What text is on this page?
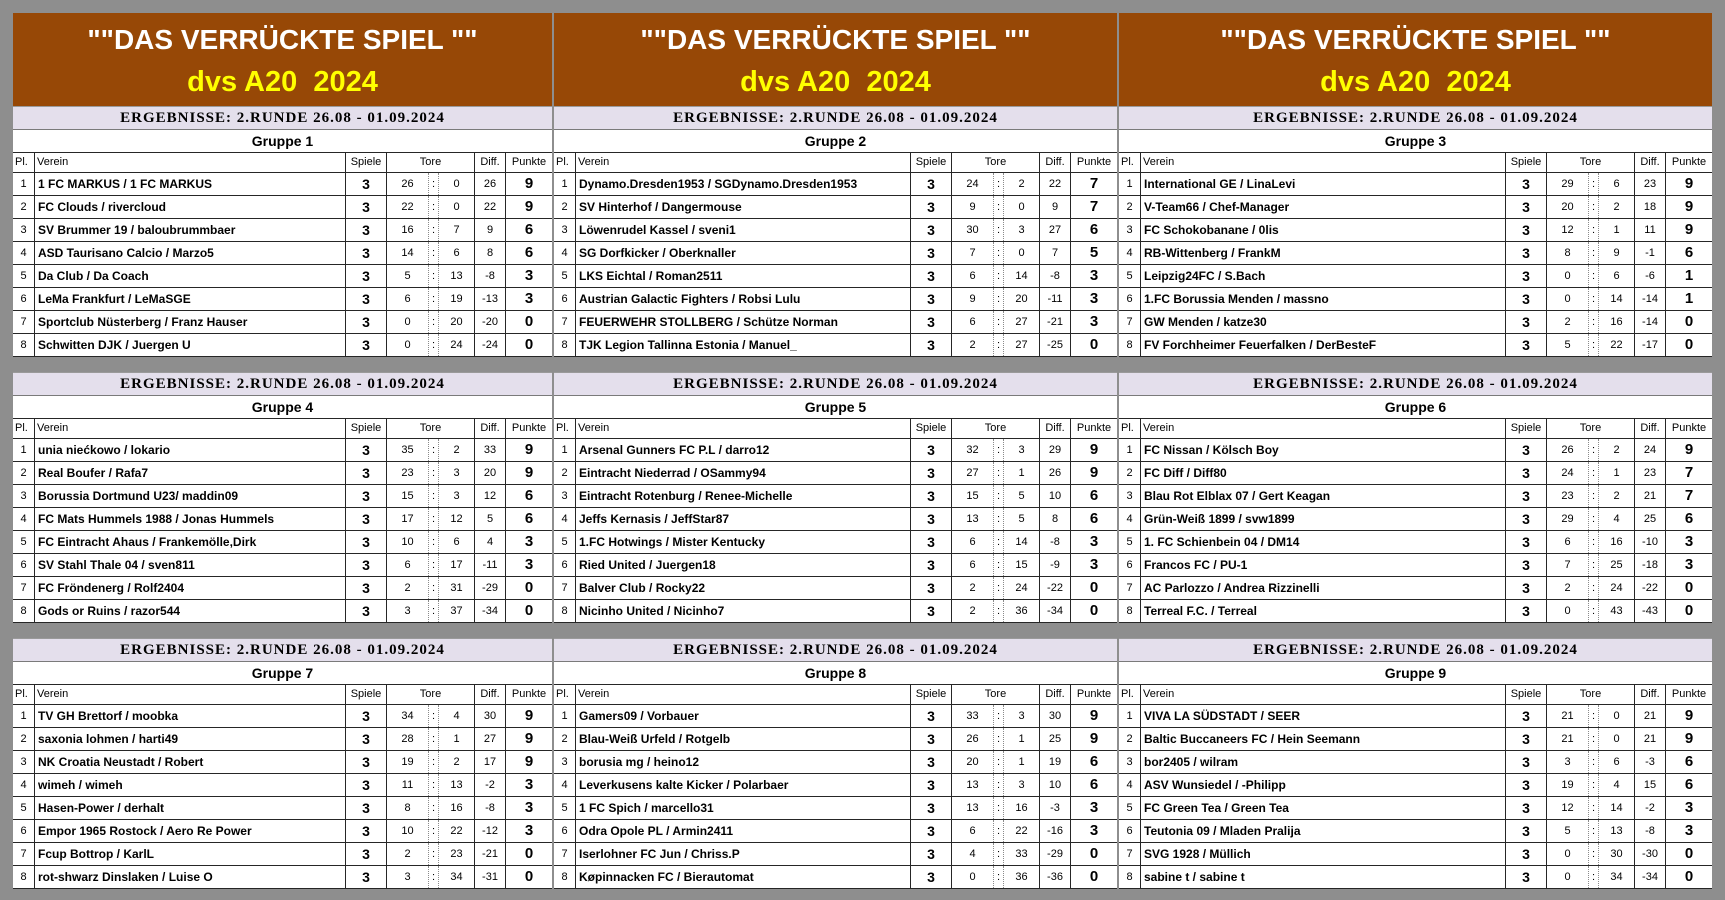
""DAS VERRÜCKTE SPIEL ""
dvs A20  2024
""DAS VERRÜCKTE SPIEL ""
dvs A20  2024
""DAS VERRÜCKTE SPIEL ""
dvs A20  2024
ERGEBNISSE: 2.RUNDE 26.08 - 01.09.2024
Gruppe 1
Pl. Verein	Spiele	Tore	Diff.	Punkte
1 1 FC MARKUS / 1 FC MARKUS	3	26	:	0	26	9
2 FC Clouds / rivercloud	3	22	:	0	22	9
3 SV Brummer 19 / baloubrummbaer	3	16	:	7	9	6
4 ASD Taurisano Calcio / Marzo5	3	14	:	6	8	6
5 Da Club / Da Coach	3	5	:	13	-8	3
6 LeMa Frankfurt / LeMaSGE	3	6	:	19	-13	3
7 Sportclub Nüsterberg / Franz Hauser	3	0	:	20	-20	0
8 Schwitten DJK / Juergen U	3	0	:	24	-24	0
ERGEBNISSE: 2.RUNDE 26.08 - 01.09.2024
Gruppe 2
Pl. Verein	Spiele	Tore	Diff.	Punkte
1 Dynamo.Dresden1953 / SGDynamo.Dresden1953	3	24	:	2	22	7
2 SV Hinterhof / Dangermouse	3	9	:	0	9	7
3 Löwenrudel Kassel / sveni1	3	30	:	3	27	6
4 SG Dorfkicker / Oberknaller	3	7	:	0	7	5
5 LKS Eichtal / Roman2511	3	6	:	14	-8	3
6 Austrian Galactic Fighters / Robsi Lulu	3	9	:	20	-11	3
7 FEUERWEHR STOLLBERG / Schütze Norman	3	6	:	27	-21	3
8 TJK Legion Tallinna Estonia / Manuel_	3	2	:	27	-25	0
ERGEBNISSE: 2.RUNDE 26.08 - 01.09.2024
Gruppe 3
Pl. Verein	Spiele	Tore	Diff.	Punkte
1 International GE / LinaLevi	3	29	:	6	23	9
2 V-Team66 / Chef-Manager	3	20	:	2	18	9
3 FC Schokobanane / 0lis	3	12	:	1	11	9
4 RB-Wittenberg / FrankM	3	8	:	9	-1	6
5 Leipzig24FC / S.Bach	3	0	:	6	-6	1
6 1.FC Borussia Menden / massno	3	0	:	14	-14	1
7 GW Menden / katze30	3	2	:	16	-14	0
8 FV Forchheimer Feuerfalken / DerBesteF	3	5	:	22	-17	0
ERGEBNISSE: 2.RUNDE 26.08 - 01.09.2024
Gruppe 4
Pl. Verein	Spiele	Tore	Diff.	Punkte
1 unia niećkowo / lokario	3	35	:	2	33	9
2 Real Boufer / Rafa7	3	23	:	3	20	9
3 Borussia Dortmund U23/ maddin09	3	15	:	3	12	6
4 FC Mats Hummels 1988 / Jonas Hummels	3	17	:	12	5	6
5 FC Eintracht Ahaus / Frankemölle,Dirk	3	10	:	6	4	3
6 SV Stahl Thale 04 / sven811	3	6	:	17	-11	3
7 FC Fröndenerg / Rolf2404	3	2	:	31	-29	0
8 Gods or Ruins / razor544	3	3	:	37	-34	0
ERGEBNISSE: 2.RUNDE 26.08 - 01.09.2024
Gruppe 5
Pl. Verein	Spiele	Tore	Diff.	Punkte
1 Arsenal Gunners FC P.L / darro12	3	32	:	3	29	9
2 Eintracht Niederrad / OSammy94	3	27	:	1	26	9
3 Eintracht Rotenburg / Renee-Michelle	3	15	:	5	10	6
4 Jeffs Kernasis / JeffStar87	3	13	:	5	8	6
5 1.FC Hotwings / Mister Kentucky	3	6	:	14	-8	3
6 Ried United / Juergen18	3	6	:	15	-9	3
7 Balver Club / Rocky22	3	2	:	24	-22	0
8 Nicinho United / Nicinho7	3	2	:	36	-34	0
ERGEBNISSE: 2.RUNDE 26.08 - 01.09.2024
Gruppe 6
Pl. Verein	Spiele	Tore	Diff.	Punkte
1 FC Nissan / Kölsch Boy	3	26	:	2	24	9
2 FC Diff / Diff80	3	24	:	1	23	7
3 Blau Rot Elblax 07 / Gert Keagan	3	23	:	2	21	7
4 Grün-Weiß 1899 / svw1899	3	29	:	4	25	6
5 1. FC Schienbein 04 / DM14	3	6	:	16	-10	3
6 Francos FC / PU-1	3	7	:	25	-18	3
7 AC Parlozzo / Andrea Rizzinelli	3	2	:	24	-22	0
8 Terreal F.C. / Terreal	3	0	:	43	-43	0
ERGEBNISSE: 2.RUNDE 26.08 - 01.09.2024
Gruppe 7
Pl. Verein	Spiele	Tore	Diff.	Punkte
1 TV GH Brettorf / moobka	3	34	:	4	30	9
2 saxonia lohmen / harti49	3	28	:	1	27	9
3 NK Croatia Neustadt / Robert	3	19	:	2	17	9
4 wimeh / wimeh	3	11	:	13	-2	3
5 Hasen-Power / derhalt	3	8	:	16	-8	3
6 Empor 1965 Rostock / Aero Re Power	3	10	:	22	-12	3
7 Fcup Bottrop / KarlL	3	2	:	23	-21	0
8 rot-shwarz Dinslaken / Luise O	3	3	:	34	-31	0
ERGEBNISSE: 2.RUNDE 26.08 - 01.09.2024
Gruppe 8
Pl. Verein	Spiele	Tore	Diff.	Punkte
1 Gamers09 / Vorbauer	3	33	:	3	30	9
2 Blau-Weiß Urfeld / Rotgelb	3	26	:	1	25	9
3 borusia mg / heino12	3	20	:	1	19	6
4 Leverkusens kalte Kicker / Polarbaer	3	13	:	3	10	6
5 1 FC Spich / marcello31	3	13	:	16	-3	3
6 Odra Opole PL / Armin2411	3	6	:	22	-16	3
7 Iserlohner FC Jun / Chriss.P	3	4	:	33	-29	0
8 Køpinnacken FC / Bierautomat	3	0	:	36	-36	0
ERGEBNISSE: 2.RUNDE 26.08 - 01.09.2024
Gruppe 9
Pl. Verein	Spiele	Tore	Diff.	Punkte
1 VIVA LA SÜDSTADT / SEER	3	21	:	0	21	9
2 Baltic Buccaneers FC / Hein Seemann	3	21	:	0	21	9
3 bor2405 / wilram	3	3	:	6	-3	6
4 ASV Wunsiedel / -Philipp	3	19	:	4	15	6
5 FC Green Tea / Green Tea	3	12	:	14	-2	3
6 Teutonia 09 / Mladen Pralija	3	5	:	13	-8	3
7 SVG 1928 / Müllich	3	0	:	30	-30	0
8 sabine t / sabine t	3	0	:	34	-34	0
